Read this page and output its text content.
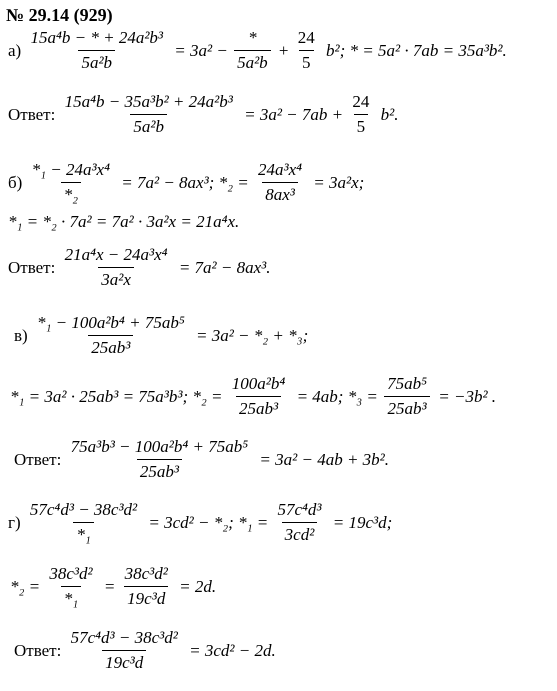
№ 29.14 (929)
$а) \frac{\text{15a⁴b − * + 24a²b³}}{\text{5a²b}} = 3a^2$ −
*
5a²b
+ $\frac{24}{5} b^2$; * = 5a² · 7ab = 35a³b².
Ответ: $\frac{\text{15a⁴b − 35a³b² + 24a²b³}}{\text{5a²b}} = 3a^2 - 7ab + \frac{24}{5} b^2$.
б)
*₁ − 24a³x⁴
*₂
= 7a² − 8ax³; $*_2 = \frac{\text{24a³x⁴}}{\text{8ax³}} = 3a^2x$;
*₁ = *₂ · 7a² = 7a² · 3a²x = 21a⁴x.
Ответ: $\frac{\text{21a⁴x − 24a³x⁴}}{\text{3a²x}} = 7a^2 - 8ax^3$.
$в) \frac{\text{*₁ − 100a²b⁴ + 75ab⁵}}{\text{25ab³}} = 3a^2 - *_2 + *_3$;
*₁ = 3a² · 25ab³ = 75a³b³; $*_2 = \frac{\text{100a²b⁴}}{\text{25ab³}} = 4ab$; $*_3 = \frac{\text{75ab⁵}}{\text{25ab³}} = -3b^2$ .
Ответ: $\frac{\text{75a³b³ − 100a²b⁴ + 75ab⁵}}{\text{25ab³}} = 3a^2 - 4ab + 3b^2$.
г)
57c⁴d³ − 38c³d²
*₁
= 3cd² − *₂; $*_1 = \frac{\text{57c⁴d³}}{\text{3cd²}} = 19c^3d$;
*₂ =
38c³d²
*₁
= $\frac{\text{38c³d²}}{\text{19c³d}} = 2d$.
Ответ: $\frac{\text{57c⁴d³ − 38c³d²}}{\text{19c³d}} = 3cd^2 - 2d$.
